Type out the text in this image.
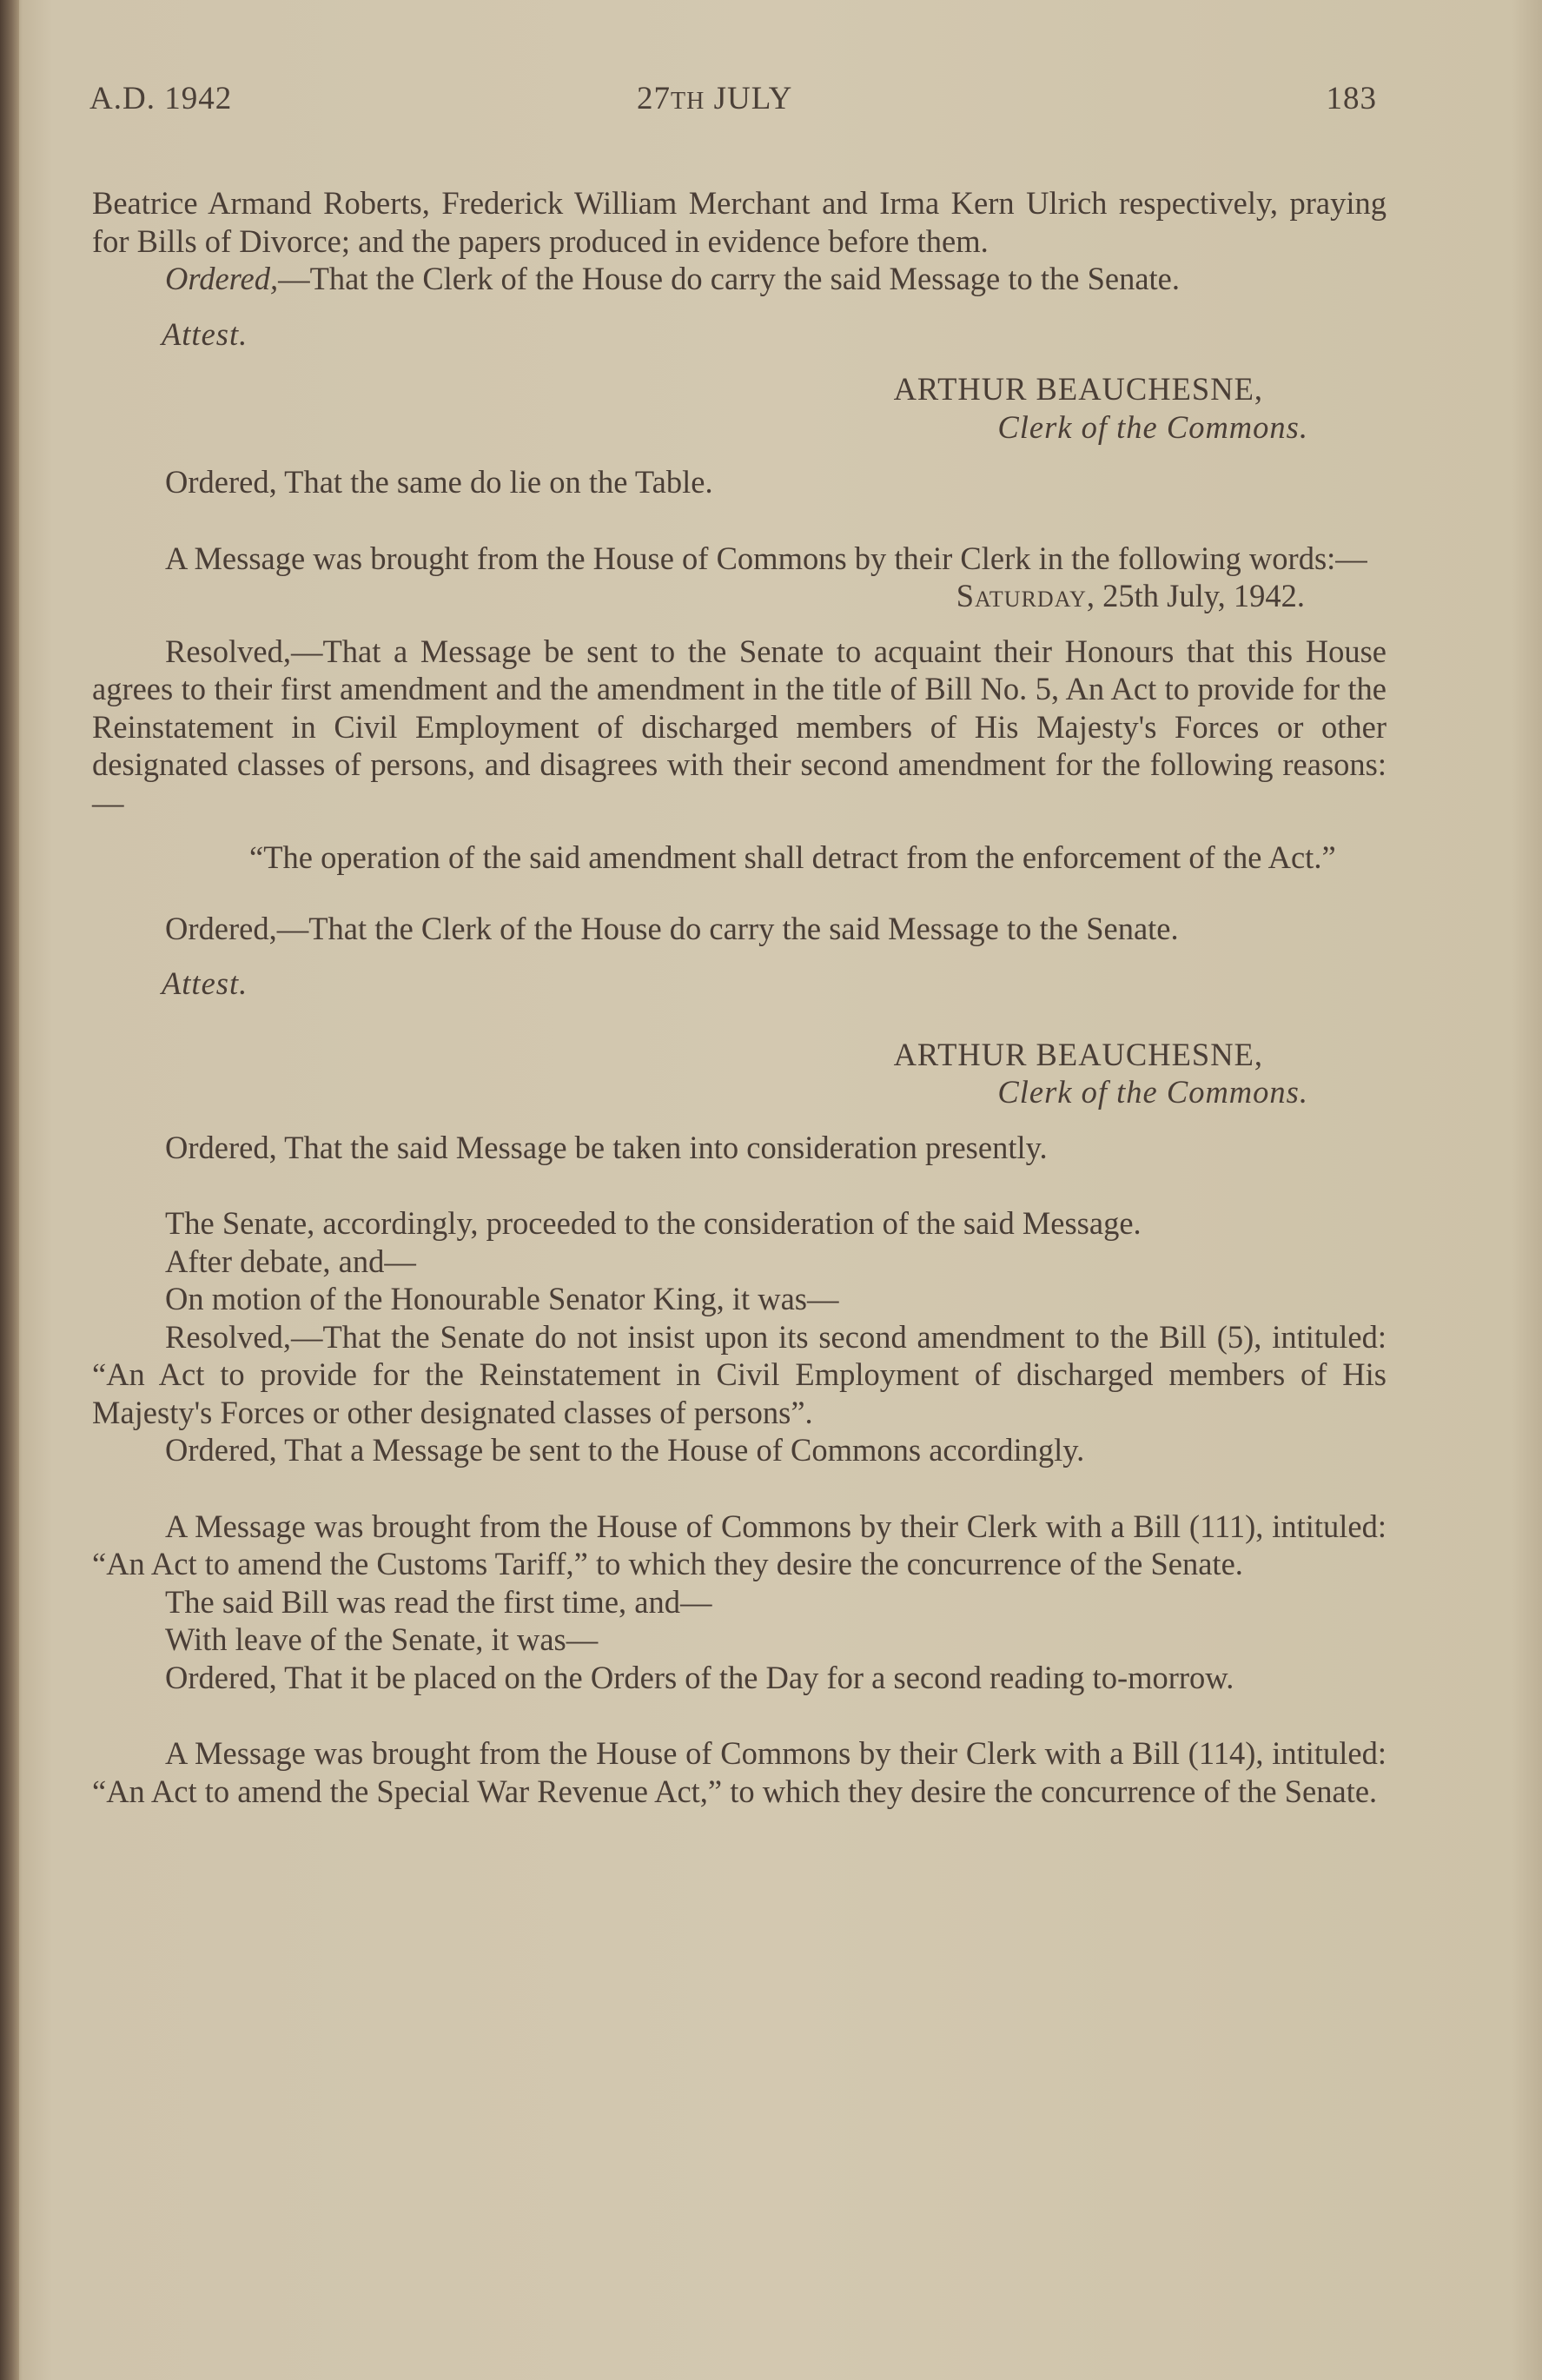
A.D. 1942	27TH JULY	183

Beatrice Armand Roberts, Frederick William Merchant and Irma Kern Ulrich respectively, praying for Bills of Divorce; and the papers produced in evidence before them.

Ordered,—That the Clerk of the House do carry the said Message to the Senate.

Attest.

ARTHUR BEAUCHESNE,

Clerk of the Commons.

Ordered, That the same do lie on the Table.

A Message was brought from the House of Commons by their Clerk in the following words:—

Saturday, 25th July, 1942.

Resolved,—That a Message be sent to the Senate to acquaint their Honours that this House agrees to their first amendment and the amendment in the title of Bill No. 5, An Act to provide for the Reinstatement in Civil Employment of discharged members of His Majesty's Forces or other designated classes of persons, and disagrees with their second amendment for the following reasons:—

“The operation of the said amendment shall detract from the enforcement of the Act.”

Ordered,—That the Clerk of the House do carry the said Message to the Senate.

Attest.

ARTHUR BEAUCHESNE,

Clerk of the Commons.

Ordered, That the said Message be taken into consideration presently.

The Senate, accordingly, proceeded to the consideration of the said Message.

After debate, and—

On motion of the Honourable Senator King, it was—

Resolved,—That the Senate do not insist upon its second amendment to the Bill (5), intituled: “An Act to provide for the Reinstatement in Civil Employment of discharged members of His Majesty's Forces or other designated classes of persons”.

Ordered, That a Message be sent to the House of Commons accordingly.

A Message was brought from the House of Commons by their Clerk with a Bill (111), intituled: “An Act to amend the Customs Tariff,” to which they desire the concurrence of the Senate.

The said Bill was read the first time, and—

With leave of the Senate, it was—

Ordered, That it be placed on the Orders of the Day for a second reading to-morrow.

A Message was brought from the House of Commons by their Clerk with a Bill (114), intituled: “An Act to amend the Special War Revenue Act,” to which they desire the concurrence of the Senate.
